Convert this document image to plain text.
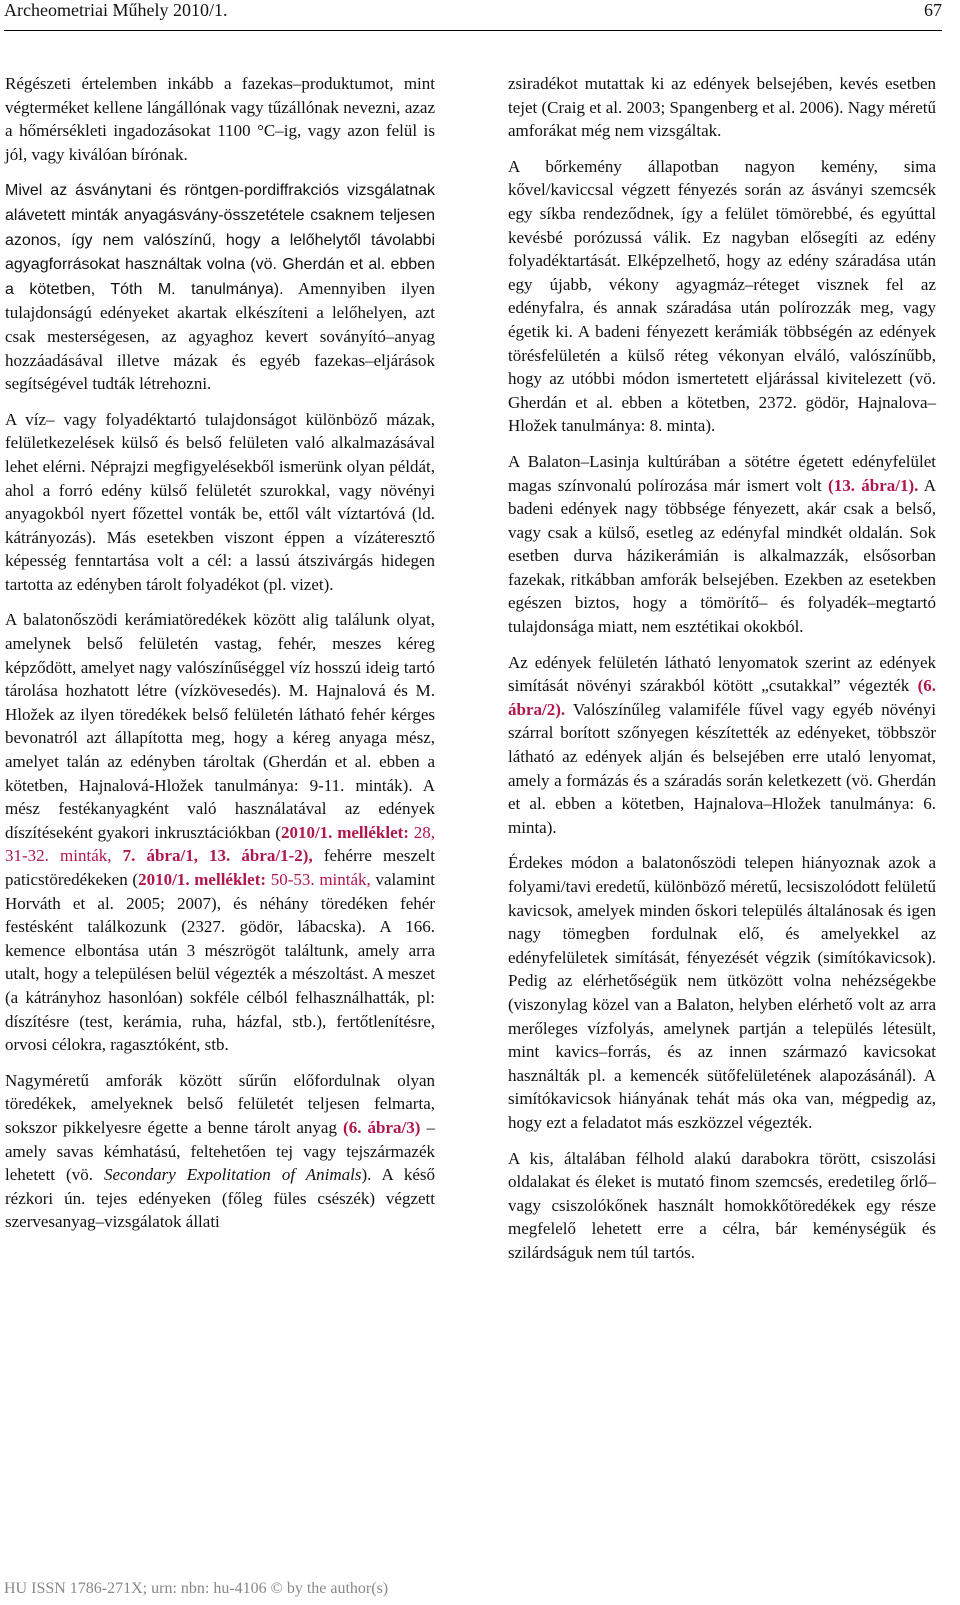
Archeometriai Műhely 2010/1.	67

Régészeti értelemben inkább a fazekas–produktumot, mint végterméket kellene lángállónak vagy tűzállónak nevezni, azaz a hőmérsékleti ingadozásokat 1100 °C–ig, vagy azon felül is jól, vagy kiválóan bírónak.

Mivel az ásványtani és röntgen-pordiffrakciós vizsgálatnak alávetett minták anyagásvány-összetétele csaknem teljesen azonos, így nem valószínű, hogy a lelőhelytől távolabbi agyagforrásokat használtak volna (vö. Gherdán et al. ebben a kötetben, Tóth M. tanulmánya). Amennyiben ilyen tulajdonságú edényeket akartak elkészíteni a lelőhelyen, azt csak mesterségesen, az agyaghoz kevert soványító–anyag hozzáadásával illetve mázak és egyéb fazekas–eljárások segítségével tudták létrehozni.

A víz– vagy folyadéktartó tulajdonságot különböző mázak, felületkezelések külső és belső felületen való alkalmazásával lehet elérni. Néprajzi megfigyelésekből ismerünk olyan példát, ahol a forró edény külső felületét szurokkal, vagy növényi anyagokból nyert főzettel vonták be, ettől vált víztartóvá (ld. kátrányozás). Más esetekben viszont éppen a vízáteresztő képesség fenntartása volt a cél: a lassú átszivárgás hidegen tartotta az edényben tárolt folyadékot (pl. vizet).

A balatonőszödi kerámiatöredékek között alig találunk olyat, amelynek belső felületén vastag, fehér, meszes kéreg képződött, amelyet nagy valószínűséggel víz hosszú ideig tartó tárolása hozhatott létre (vízkövesedés). M. Hajnalová és M. Hložek az ilyen töredékek belső felületén látható fehér kérges bevonatról azt állapította meg, hogy a kéreg anyaga mész, amelyet talán az edényben tároltak (Gherdán et al. ebben a kötetben, Hajnalová-Hložek tanulmánya: 9-11. minták). A mész festékanyagként való használatával az edények díszítéseként gyakori inkrusztációkban (2010/1. melléklet: 28, 31-32. minták, 7. ábra/1, 13. ábra/1-2), fehérre meszelt paticstöredékeken (2010/1. melléklet: 50-53. minták, valamint Horváth et al. 2005; 2007), és néhány töredéken fehér festésként találkozunk (2327. gödör, lábacska). A 166. kemence elbontása után 3 mészrögöt találtunk, amely arra utalt, hogy a településen belül végezték a mészoltást. A meszet (a kátrányhoz hasonlóan) sokféle célból felhasználhatták, pl: díszítésre (test, kerámia, ruha, házfal, stb.), fertőtlenítésre, orvosi célokra, ragasztóként, stb.

Nagyméretű amforák között sűrűn előfordulnak olyan töredékek, amelyeknek belső felületét teljesen felmarta, sokszor pikkelyesre égette a benne tárolt anyag (6. ábra/3) – amely savas kémhatású, feltehetően tej vagy tejszármazék lehetett (vö. Secondary Expolitation of Animals). A késő rézkori ún. tejes edényeken (főleg füles csészék) végzett szervesanyag–vizsgálatok állati

zsiradékot mutattak ki az edények belsejében, kevés esetben tejet (Craig et al. 2003; Spangenberg et al. 2006). Nagy méretű amforákat még nem vizsgáltak.

A bőrkemény állapotban nagyon kemény, sima kővel/kaviccsal végzett fényezés során az ásványi szemcsék egy síkba rendeződnek, így a felület tömörebbé, és egyúttal kevésbé porózussá válik. Ez nagyban elősegíti az edény folyadéktartását. Elképzelhető, hogy az edény száradása után egy újabb, vékony agyagmáz–réteget visznek fel az edényfalra, és annak száradása után polírozzák meg, vagy égetik ki. A badeni fényezett kerámiák többségén az edények törésfelületén a külső réteg vékonyan elváló, valószínűbb, hogy az utóbbi módon ismertetett eljárással kivitelezett (vö. Gherdán et al. ebben a kötetben, 2372. gödör, Hajnalova–Hložek tanulmánya: 8. minta).

A Balaton–Lasinja kultúrában a sötétre égetett edényfelület magas színvonalú polírozása már ismert volt (13. ábra/1). A badeni edények nagy többsége fényezett, akár csak a belső, vagy csak a külső, esetleg az edényfal mindkét oldalán. Sok esetben durva házikerámián is alkalmazzák, elsősorban fazekak, ritkábban amforák belsejében. Ezekben az esetekben egészen biztos, hogy a tömörítő– és folyadék–megtartó tulajdonsága miatt, nem esztétikai okokból.

Az edények felületén látható lenyomatok szerint az edények simítását növényi szárakból kötött „csutakkal” végezték (6. ábra/2). Valószínűleg valamiféle fűvel vagy egyéb növényi szárral borított szőnyegen készítették az edényeket, többször látható az edények alján és belsejében erre utaló lenyomat, amely a formázás és a száradás során keletkezett (vö. Gherdán et al. ebben a kötetben, Hajnalova–Hložek tanulmánya: 6. minta).

Érdekes módon a balatonőszödi telepen hiányoznak azok a folyami/tavi eredetű, különböző méretű, lecsiszolódott felületű kavicsok, amelyek minden őskori település általánosak és igen nagy tömegben fordulnak elő, és amelyekkel az edényfelületek simítását, fényezését végzik (simítókavicsok). Pedig az elérhetőségük nem ütközött volna nehézségekbe (viszonylag közel van a Balaton, helyben elérhető volt az arra merőleges vízfolyás, amelynek partján a település létesült, mint kavics–forrás, és az innen származó kavicsokat használták pl. a kemencék sütőfelületének alapozásánál). A simítókavicsok hiányának tehát más oka van, mégpedig az, hogy ezt a feladatot más eszközzel végezték.

A kis, általában félhold alakú darabokra törött, csiszolási oldalakat és éleket is mutató finom szemcsés, eredetileg őrlő– vagy csiszolókőnek használt homokkőtöredékek egy része megfelelő lehetett erre a célra, bár keménységük és szilárdságuk nem túl tartós.

HU ISSN 1786-271X; urn: nbn: hu-4106 © by the author(s)
